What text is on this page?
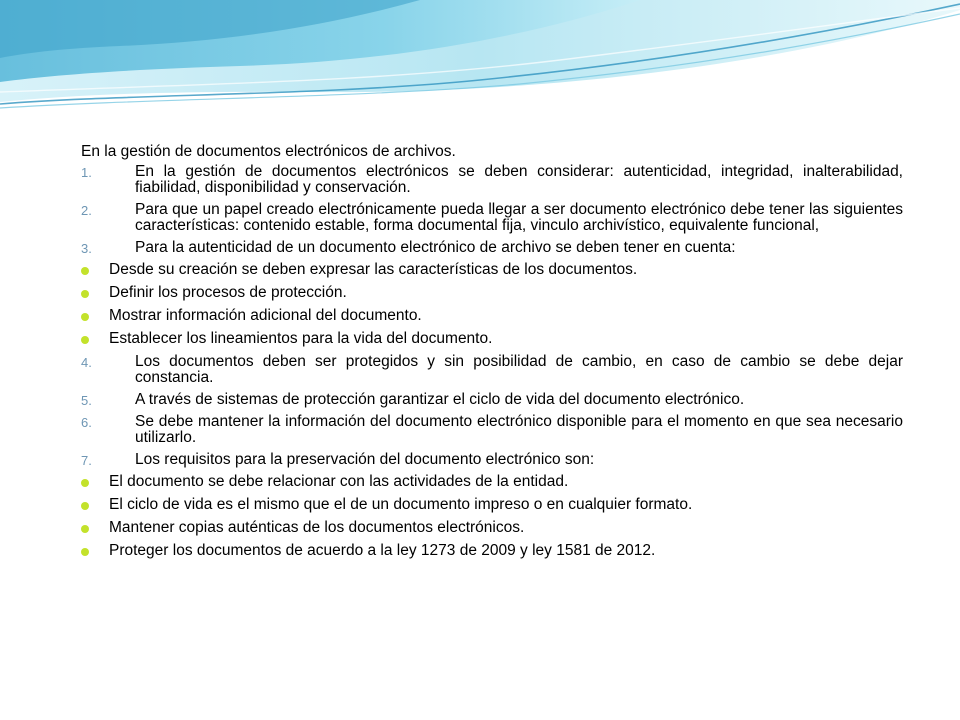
En la gestión de documentos electrónicos de archivos.
1.	En la gestión de documentos electrónicos se deben considerar: autenticidad, integridad, inalterabilidad, fiabilidad, disponibilidad y conservación.
2.	Para que un papel creado electrónicamente pueda llegar a ser documento electrónico debe tener las siguientes características: contenido estable, forma documental fija, vinculo archivístico, equivalente funcional,
3.	Para la autenticidad de un documento electrónico de archivo se deben tener en cuenta:
Desde su creación se deben expresar las características de los documentos.
Definir los procesos de protección.
Mostrar información adicional del documento.
Establecer los lineamientos para la vida del documento.
4.	Los documentos deben ser protegidos y sin posibilidad de cambio, en caso de cambio se debe dejar constancia.
5.	A través de sistemas de protección garantizar el ciclo de vida del documento electrónico.
6.	Se debe mantener la información del documento electrónico disponible para el momento en que sea necesario utilizarlo.
7.	Los requisitos para la preservación del documento electrónico son:
El documento se debe relacionar con las actividades de la entidad.
El ciclo de vida es el mismo que el de un documento impreso o en cualquier formato.
Mantener copias auténticas de los documentos electrónicos.
Proteger los documentos de acuerdo a la ley 1273 de 2009 y ley 1581 de 2012.
